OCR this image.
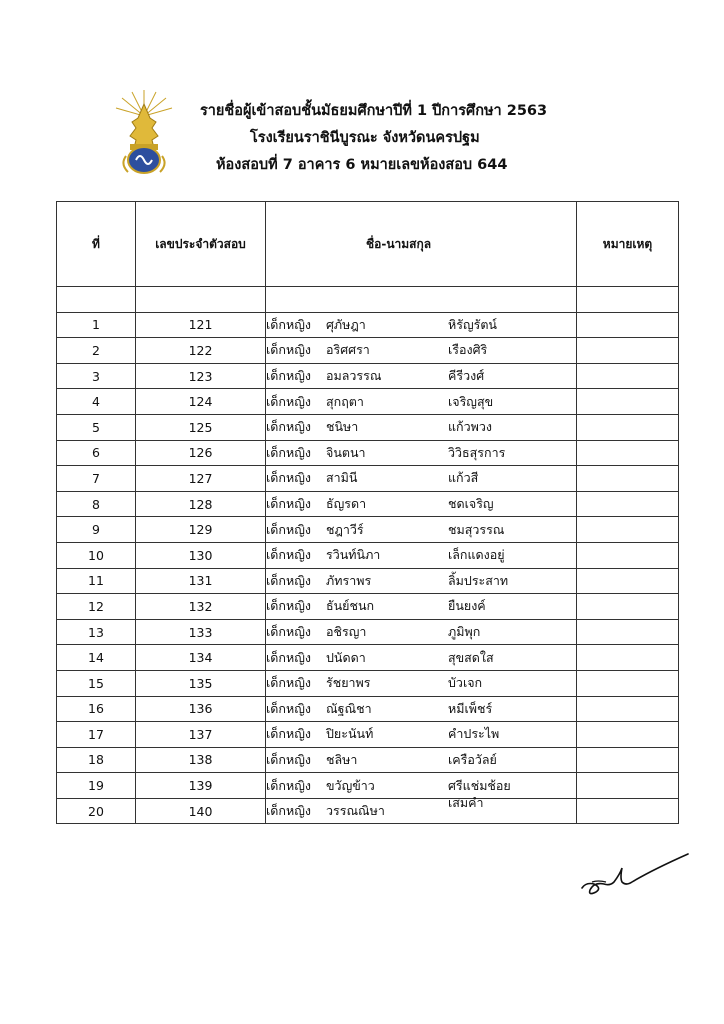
รายชื่อผู้เข้าสอบชั้นมัธยมศึกษาปีที่ 1 ปีการศึกษา 2563
โรงเรียนราชินีบูรณะ จังหวัดนครปฐม
ห้องสอบที่ 7 อาคาร 6 หมายเลขห้องสอบ 644
ที่	เลขประจำตัวสอบ	ชื่อ-นามสกุล	หมายเหตุ

1	121	เด็กหญิง ศุภัษฎา หิรัญรัตน์	
2	122	เด็กหญิง อริศศรา เรืองศิริ	
3	123	เด็กหญิง อมลวรรณ คีรีวงศ์	
4	124	เด็กหญิง สุกฤตา เจริญสุข	
5	125	เด็กหญิง ชนิษา แก้วพวง	
6	126	เด็กหญิง จินตนา วิวิธสุรการ	
7	127	เด็กหญิง สามินี แก้วสี	
8	128	เด็กหญิง ธัญรดา ชดเจริญ	
9	129	เด็กหญิง ชฎาวีร์ ชมสุวรรณ	
10	130	เด็กหญิง รวินท์นิภา เล็กแดงอยู่	
11	131	เด็กหญิง ภัทราพร ลิ้มประสาท	
12	132	เด็กหญิง ธันย์ชนก ยืนยงค์	
13	133	เด็กหญิง อชิรญา ภูมิพุก	
14	134	เด็กหญิง ปนัดดา สุขสดใส	
15	135	เด็กหญิง รัชยาพร บัวเจก	
16	136	เด็กหญิง ณัฐณิชา หมีเพ็ชร์	
17	137	เด็กหญิง ปิยะนันท์ คำประไพ	
18	138	เด็กหญิง ชลิษา เครือวัลย์	
19	139	เด็กหญิง ขวัญข้าว ศรีแช่มช้อย	
20	140	เด็กหญิง วรรณณิษาเสมคำ	
